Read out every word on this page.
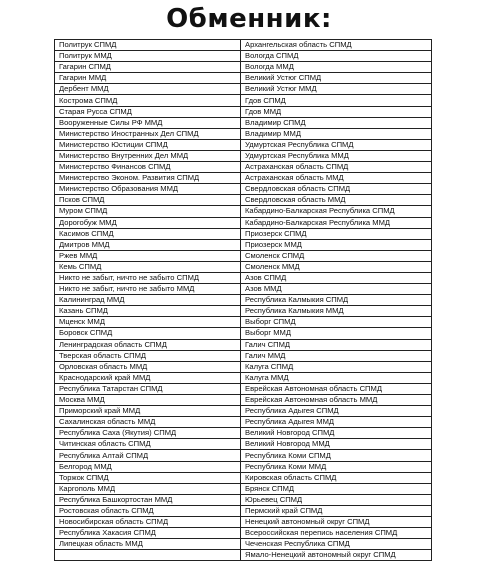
Обменник:
Политрук СПМД	Архангельская область СПМД
Политрук ММД	Вологда СПМД
Гагарин СПМД	Вологда ММД
Гагарин ММД	Великий Устюг СПМД
Дербент ММД	Великий Устюг ММД
Кострома СПМД	Гдов СПМД
Старая Русса СПМД	Гдов ММД
Вооруженные Силы РФ ММД	Владимир СПМД
Министерство Иностранных Дел СПМД	Владимир ММД
Министерство Юстиции СПМД	Удмуртская Республика СПМД
Министерство Внутренних Дел ММД	Удмуртская Республика ММД
Министерство Финансов СПМД	Астраханская область СПМД
Министерство Эконом. Развития СПМД	Астраханская область ММД
Министерство Образования ММД	Свердловская область СПМД
Псков СПМД	Свердловская область ММД
Муром СПМД	Кабардино-Балкарская Республика СПМД
Дорогобуж ММД	Кабардино-Балкарская Республика ММД
Касимов СПМД	Приозерск СПМД
Дмитров ММД	Приозерск ММД
Ржев ММД	Смоленск СПМД
Кемь СПМД	Смоленск ММД
Никто не забыт, ничто не забыто СПМД	Азов СПМД
Никто не забыт, ничто не забыто ММД	Азов ММД
Калининград ММД	Республика Калмыкия СПМД
Казань СПМД	Республика Калмыкия ММД
Мценск ММД	Выборг СПМД
Боровск СПМД	Выборг ММД
Ленинградская область СПМД	Галич СПМД
Тверская область СПМД	Галич ММД
Орловская область ММД	Калуга СПМД
Краснодарский край ММД	Калуга ММД
Республика Татарстан СПМД	Еврейская Автономная область СПМД
Москва ММД	Еврейская Автономная область ММД
Приморский край ММД	Республика Адыгея СПМД
Сахалинская область ММД	Республика Адыгея ММД
Республика Саха (Якутия) СПМД	Великий Новгород СПМД
Читинская область СПМД	Великий Новгород ММД
Республика Алтай СПМД	Республика Коми СПМД
Белгород ММД	Республика Коми ММД
Торжок СПМД	Кировская область СПМД
Каргополь ММД	Брянск СПМД
Республика Башкортостан ММД	Юрьевец СПМД
Ростовская область СПМД	Пермский край СПМД
Новосибирская область СПМД	Ненецкий автономный округ СПМД
Республика Хакасия СПМД	Всероссийская перепись населения СПМД
Липецкая область ММД	Чеченская Республика СПМД
	Ямало-Ненецкий автономный округ СПМД
